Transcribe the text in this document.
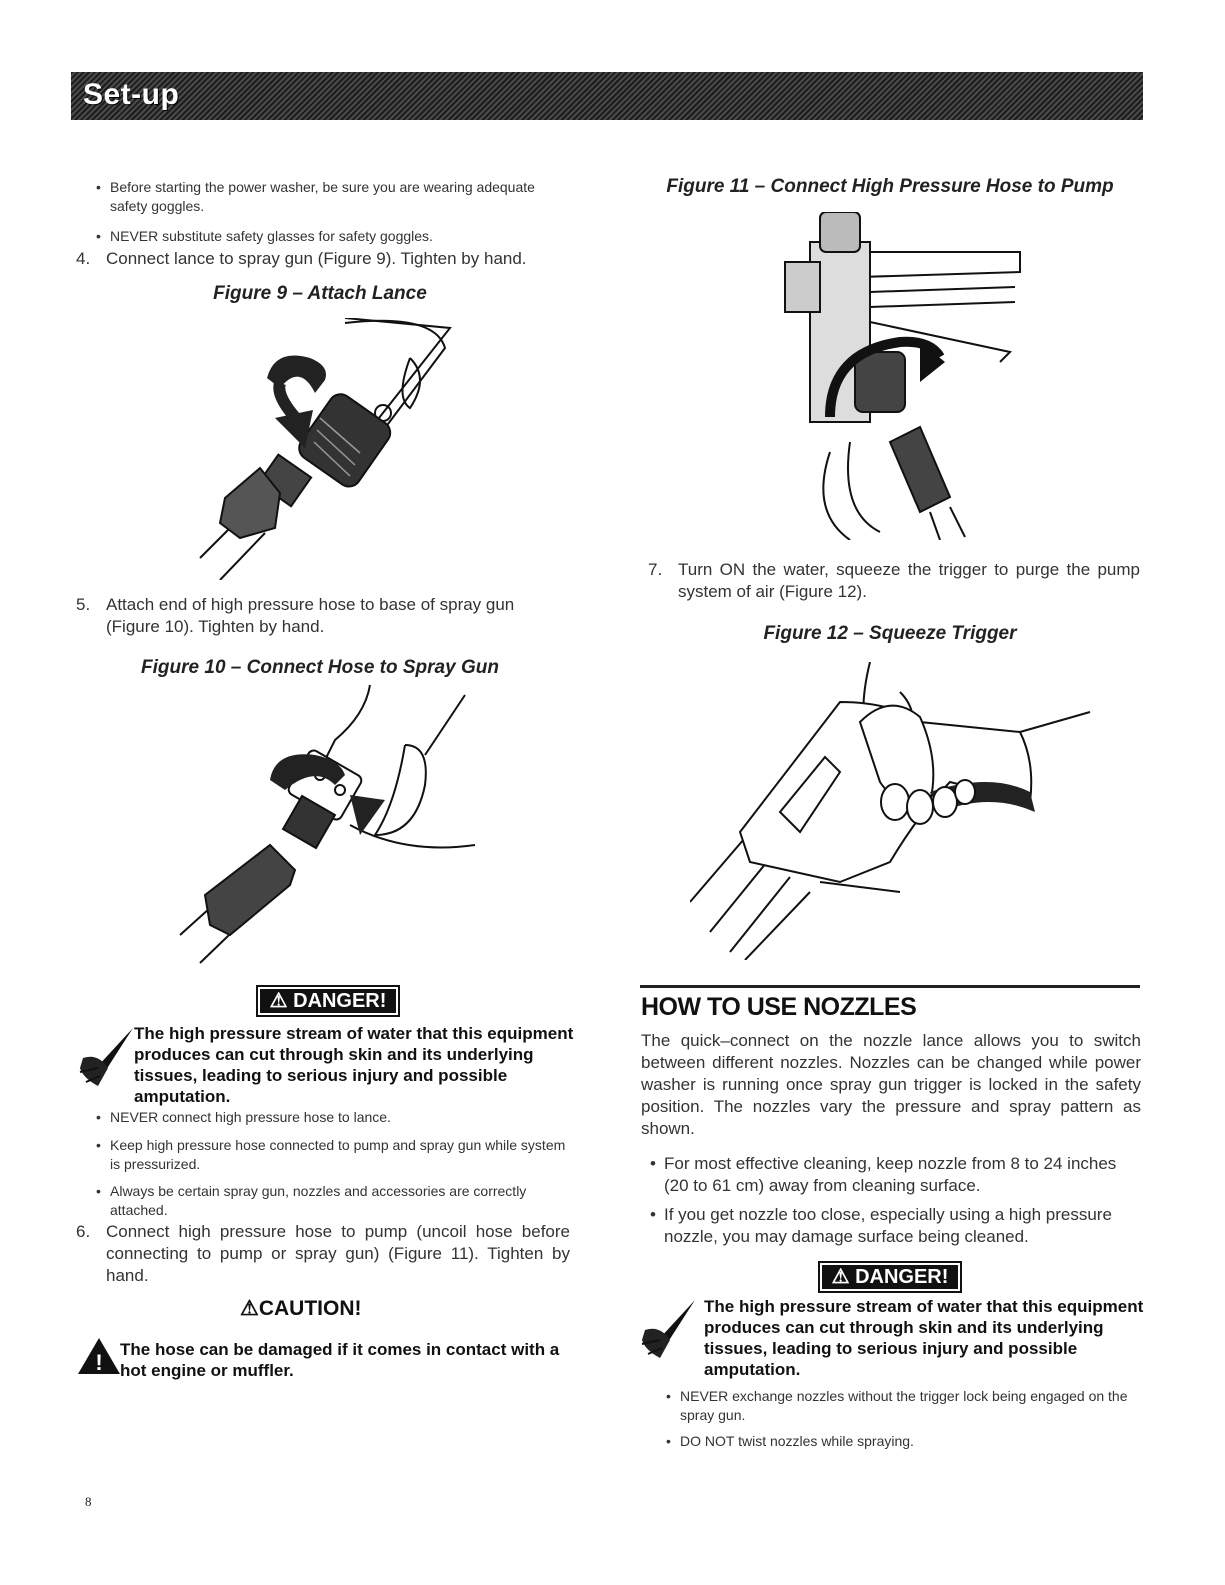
Set-up
• Before starting the power washer, be sure you are wearing adequate safety goggles.
• NEVER substitute safety glasses for safety goggles.
4. Connect lance to spray gun (Figure 9). Tighten by hand.
Figure 9 – Attach Lance
5. Attach end of high pressure hose to base of spray gun (Figure 10). Tighten by hand.
Figure 10 – Connect Hose to Spray Gun
⚠ DANGER!
The high pressure stream of water that this equipment produces can cut through skin and its underlying tissues, leading to serious injury and possible amputation.
• NEVER connect high pressure hose to lance.
• Keep high pressure hose connected to pump and spray gun while system is pressurized.
• Always be certain spray gun, nozzles and accessories are correctly attached.
6. Connect high pressure hose to pump (uncoil hose before connecting to pump or spray gun) (Figure 11). Tighten by hand.
⚠CAUTION!
!
The hose can be damaged if it comes in contact with a hot engine or muffler.
Figure 11 – Connect High Pressure Hose to Pump
7. Turn ON the water, squeeze the trigger to purge the pump system of air (Figure 12).
Figure 12 – Squeeze Trigger
HOW TO USE NOZZLES
The quick–connect on the nozzle lance allows you to switch between different nozzles. Nozzles can be changed while power washer is running once spray gun trigger is locked in the safety position. The nozzles vary the pressure and spray pattern as shown.
• For most effective cleaning, keep nozzle from 8 to 24 inches (20 to 61 cm) away from cleaning surface.
• If you get nozzle too close, especially using a high pressure nozzle, you may damage surface being cleaned.
⚠ DANGER!
The high pressure stream of water that this equipment produces can cut through skin and its underlying tissues, leading to serious injury and possible amputation.
• NEVER exchange nozzles without the trigger lock being engaged on the spray gun.
• DO NOT twist nozzles while spraying.
8
